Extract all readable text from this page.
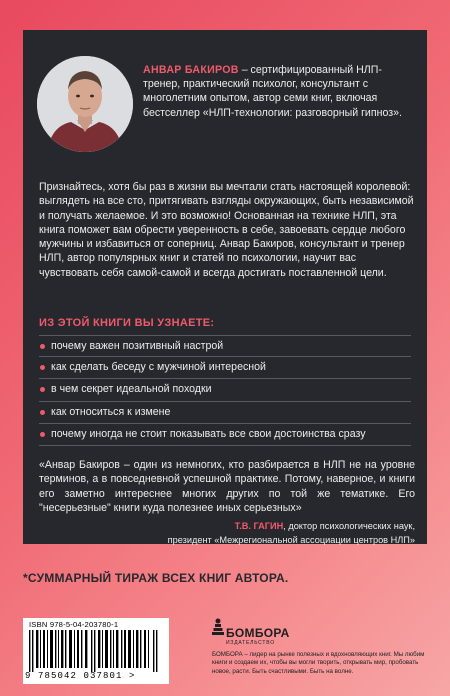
АНВАР БАКИРОВ – сертифицированный НЛП-тренер, практический психолог, консультант с многолетним опытом, автор семи книг, включая бестселлер «НЛП-технологии: разговорный гипноз».
Признайтесь, хотя бы раз в жизни вы мечтали стать настоящей королевой: выглядеть на все сто, притягивать взгляды окружающих, быть независимой и получать желаемое. И это возможно! Основанная на технике НЛП, эта книга поможет вам обрести уверенность в себе, завоевать сердце любого мужчины и избавиться от соперниц. Анвар Бакиров, консультант и тренер НЛП, автор популярных книг и статей по психологии, научит вас чувствовать себя самой-самой и всегда достигать поставленной цели.
ИЗ ЭТОЙ КНИГИ ВЫ УЗНАЕТЕ:
почему важен позитивный настрой
как сделать беседу с мужчиной интересной
в чем секрет идеальной походки
как относиться к измене
почему иногда не стоит показывать все свои достоинства сразу
«Анвар Бакиров – один из немногих, кто разбирается в НЛП не на уровне терминов, а в повседневной успешной практике. Потому, наверное, и книги его заметно интереснее многих других по той же тематике. Его "несерьезные" книги куда полезнее иных серьезных»
Т.В. ГАГИН, доктор психологических наук,
президент «Межрегиональной ассоциации центров НЛП»
*СУММАРНЫЙ ТИРАЖ ВСЕХ КНИГ АВТОРА.
ISBN 978-5-04-203780-1
9 785042 037801 >
БОМБОРА
ИЗДАТЕЛЬСТВО
БОМБОРА – лидер на рынке полезных и вдохновляющих книг. Мы любим книги и создаем их, чтобы вы могли творить, открывать мир, пробовать новое, расти. Быть счастливыми. Быть на волне.
